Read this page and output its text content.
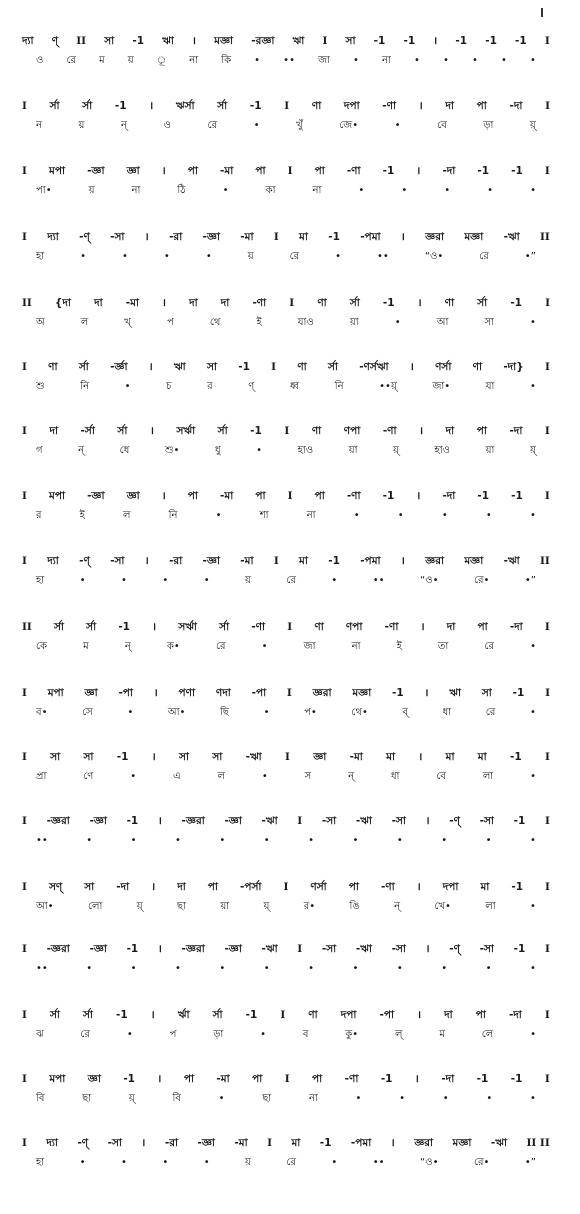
দ্যা ণ্ II সা -1 ঋা । মজ্ঞা -রজ্ঞা ঋা I সা -1 -1 । -1 -1 -1 I
ও রে ম য় ূ না কি • •• জা • না • • • • •
I র্সা র্সা -1 । ঋর্সা র্সা -1 I ণা দপা -ণা । দা পা -দা I
ন	য়	ন্	ও	রে	•	খুঁ	জে•	•	বে	ড়া	য়্
I মপা -জ্ঞা জ্ঞা । পা -মা পা I পা -ণা -1 । -দা -1 -1 I
পা•	য়	না	ঠি	•	কা	না	•	•	•	•	•
I দ্যা -ণ্ -সা । -রা -জ্ঞা -মা I মা -1 -পমা । জ্ঞরা মজ্ঞা -ঋা II
হা	•	•	•	•	য়	রে	•	••	“ও•	রে	•”
II {দা দা -মা । দা দা -ণা I ণা র্সা -1 । ণা র্সা -1 I
অ	ল	খ্	প	থে	ই	যাও	য়া	•	আ	সা	•
I ণা র্সা -র্জ্ঞা । ঋা সা -1 I ণা র্সা -ণর্সঋা । ণর্সা ণা -দা} I
শু	নি	•	চ	র	ণ্	ধ্ব	নি	••য়্	জা•	যা	•
I দা -র্সা র্সা । সর্ঋা র্সা -1 I ণা ণপা -ণা । দা পা -দা I
গ	ন্	ধে	শু•	ধু	•	হাও	য়া	য়্	হাও	য়া	য়্
I মপা -জ্ঞা জ্ঞা । পা -মা পা I পা -ণা -1 । -দা -1 -1 I
র	ই	ল	নি	•	শা	না	•	•	•	•	•
I দ্যা -ণ্ -সা । -রা -জ্ঞা -মা I মা -1 -পমা । জ্ঞরা মজ্ঞা -ঋা II
হা	•	•	•	•	য়	রে	•	••	“ও•	রে•	•”
II র্সা র্সা -1 । সর্ঋা র্সা -ণা I ণা ণপা -ণা । দা পা -দা I
কে	ম	ন্	ক•	রে	•	জা	না	ই	তা	রে	•
I মপা জ্ঞা -পা । পণা ণদা -পা I জ্ঞরা মজ্ঞা -1 । ঋা সা -1 I
ব•	সে	•	আ•	ছি	•	প•	থে•	ব্	ধা	রে	•
I সা সা -1 । সা সা -ঋা I জ্ঞা -মা মা । মা মা -1 I
প্রা	ণে	•	এ	ল	•	স	ন্	ধা	বে	লা	•
I -জ্ঞরা -জ্ঞা -1 । -জ্ঞরা -জ্ঞা -ঋা I -সা -ঋা -সা । -ণ্ -সা -1 I
••	•	•	•	•	•	•	•	•	•	•	•
I সণ্ সা -দা । দা পা -পর্সা I ণর্সা পা -ণা । দপা মা -1 I
আ•	লো	য়্	ছা	য়া	য়্	র•	ঙি	ন্	খে•	লা	•
I -জ্ঞরা -জ্ঞা -1 । -জ্ঞরা -জ্ঞা -ঋা I -সা -ঋা -সা । -ণ্ -সা -1 I
••	•	•	•	•	•	•	•	•	•	•	•
I র্সা র্সা -1 । র্ঋা র্সা -1 I ণা দপা -পা । দা পা -দা I
ঝ	রে	•	প	ড়া	•	ব	কু•	ল্	ম	লে	•
I মপা জ্ঞা -1 । পা -মা পা I পা -ণা -1 । -দা -1 -1 I
বি	ছা	য়্	বি	•	ছা	না	•	•	•	•	•
I দ্যা -ণ্ -সা । -রা -জ্ঞা -মা I মা -1 -পমা । জ্ঞরা মজ্ঞা -ঋা II II
হা	•	•	•	•	য়	রে	•	••	“ও•	রে•	•”
